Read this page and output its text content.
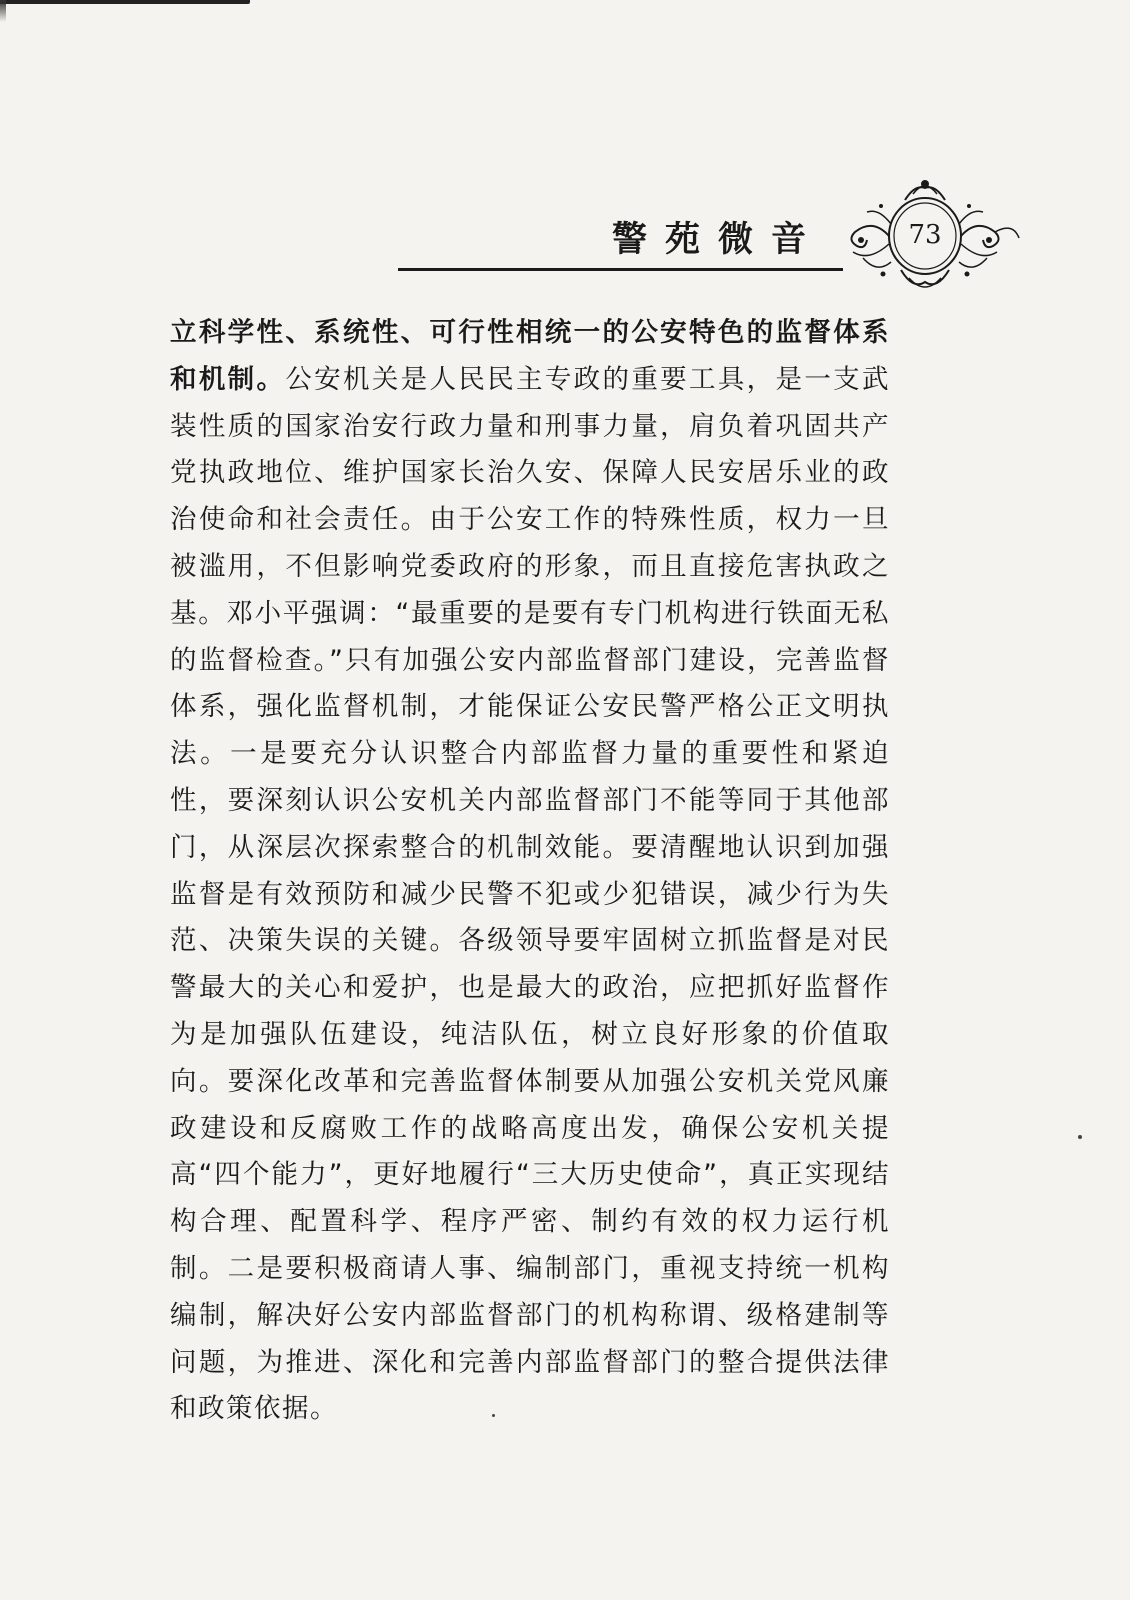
警苑微音	73
立科学性、系统性、可行性相统一的公安特色的监督体系和机制。公安机关是人民民主专政的重要工具，是一支武装性质的国家治安行政力量和刑事力量，肩负着巩固共产党执政地位、维护国家长治久安、保障人民安居乐业的政治使命和社会责任。由于公安工作的特殊性质，权力一旦被滥用，不但影响党委政府的形象，而且直接危害执政之基。邓小平强调：“最重要的是要有专门机构进行铁面无私的监督检查。”只有加强公安内部监督部门建设，完善监督体系，强化监督机制，才能保证公安民警严格公正文明执法。一是要充分认识整合内部监督力量的重要性和紧迫性，要深刻认识公安机关内部监督部门不能等同于其他部门，从深层次探索整合的机制效能。要清醒地认识到加强监督是有效预防和减少民警不犯或少犯错误，减少行为失范、决策失误的关键。各级领导要牢固树立抓监督是对民警最大的关心和爱护，也是最大的政治，应把抓好监督作为是加强队伍建设，纯洁队伍，树立良好形象的价值取向。要深化改革和完善监督体制要从加强公安机关党风廉政建设和反腐败工作的战略高度出发，确保公安机关提高“四个能力”，更好地履行“三大历史使命”，真正实现结构合理、配置科学、程序严密、制约有效的权力运行机制。二是要积极商请人事、编制部门，重视支持统一机构编制，解决好公安内部监督部门的机构称谓、级格建制等问题，为推进、深化和完善内部监督部门的整合提供法律和政策依据。
